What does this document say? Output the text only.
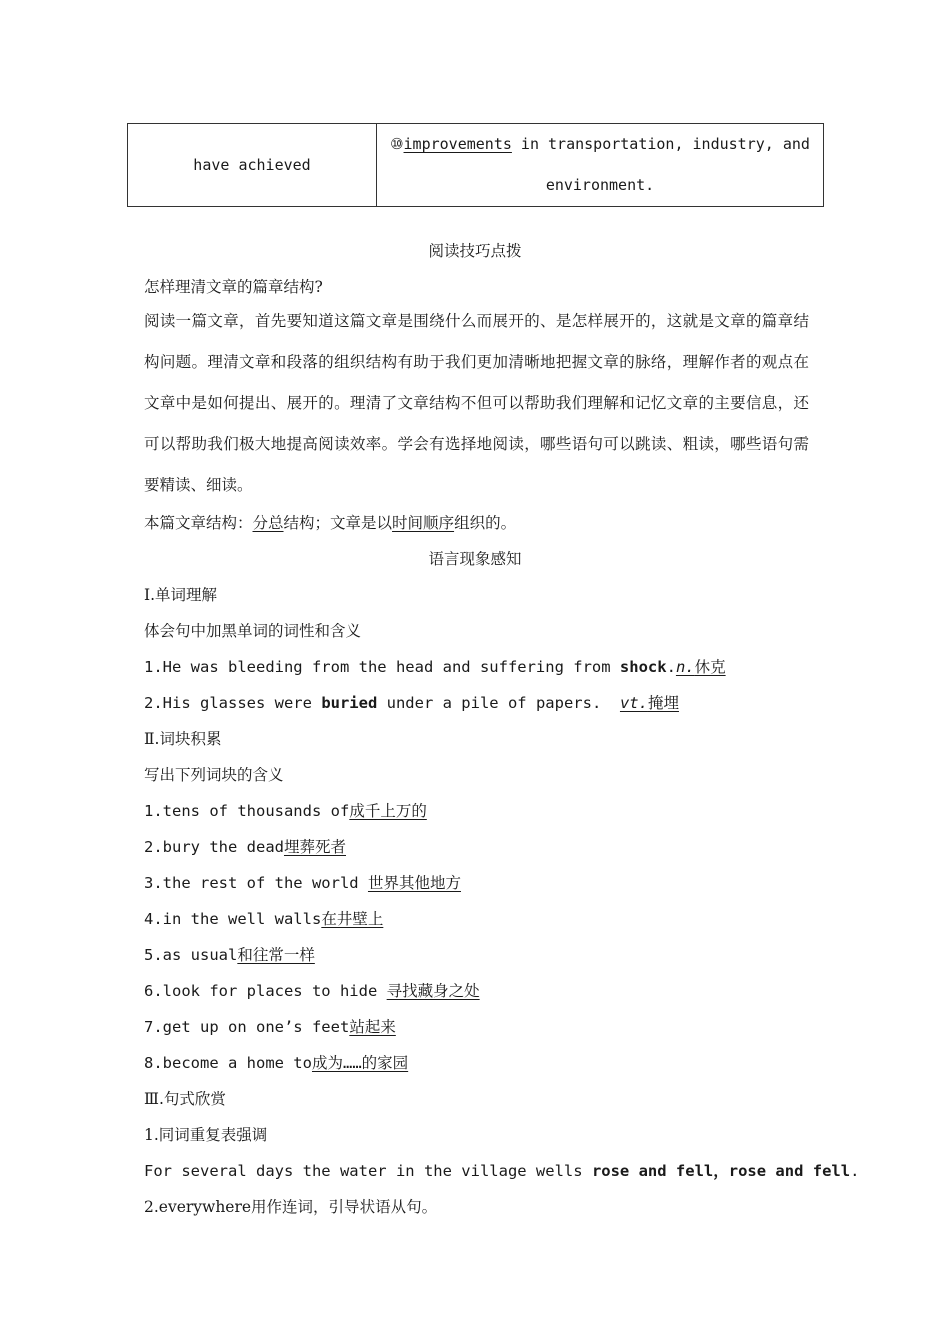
have achieved	⑩improvements in transportation, industry, and
environment.
阅读技巧点拨
怎样理清文章的篇章结构?
阅读一篇文章，首先要知道这篇文章是围绕什么而展开的、是怎样展开的，这就是文章的篇章结构问题。理清文章和段落的组织结构有助于我们更加清晰地把握文章的脉络，理解作者的观点在文章中是如何提出、展开的。理清了文章结构不但可以帮助我们理解和记忆文章的主要信息，还可以帮助我们极大地提高阅读效率。学会有选择地阅读，哪些语句可以跳读、粗读，哪些语句需要精读、细读。
本篇文章结构：分总结构；文章是以时间顺序组织的。
语言现象感知
Ⅰ.单词理解
体会句中加黑单词的词性和含义
1.He was bleeding from the head and suffering from shock.n.休克
2.His glasses were buried under a pile of papers.  vt.掩埋
Ⅱ.词块积累
写出下列词块的含义
1.tens of thousands of成千上万的
2.bury the dead埋葬死者
3.the rest of the world 世界其他地方
4.in the well walls在井壁上
5.as usual和往常一样
6.look for places to hide 寻找藏身之处
7.get up on one’s feet站起来
8.become a home to成为……的家园
Ⅲ.句式欣赏
1.同词重复表强调
For several days the water in the village wells rose and fell，rose and fell.
2.everywhere用作连词，引导状语从句。
